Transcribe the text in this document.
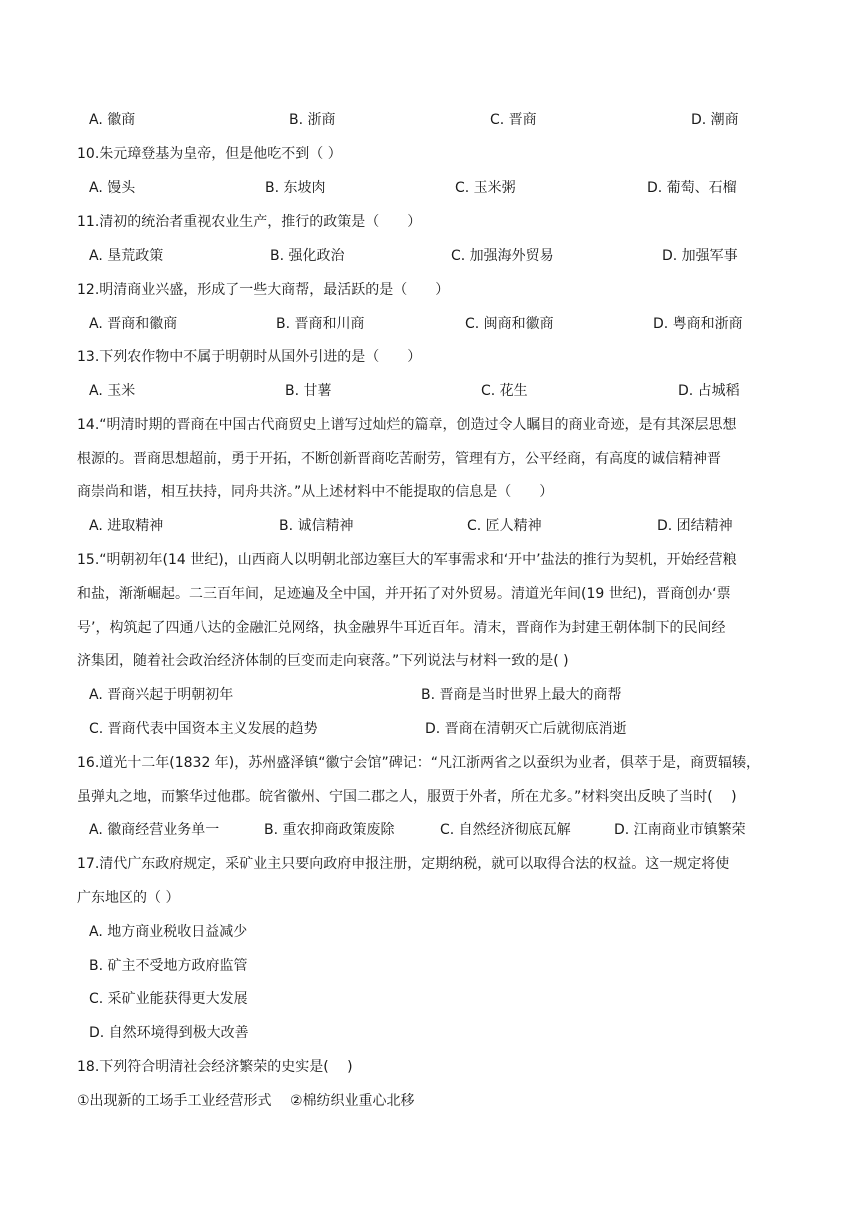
A. 徽商	B. 浙商	C. 晋商	D. 潮商
10.朱元璋登基为皇帝，但是他吃不到（ ）
A. 馒头	B. 东坡肉	C. 玉米粥	D. 葡萄、石榴
11.清初的统治者重视农业生产，推行的政策是（　　）
A. 垦荒政策	B. 强化政治	C. 加强海外贸易	D. 加强军事
12.明清商业兴盛，形成了一些大商帮，最活跃的是（　　）
A. 晋商和徽商	B. 晋商和川商	C. 闽商和徽商	D. 粤商和浙商
13.下列农作物中不属于明朝时从国外引进的是（　　）
A. 玉米	B. 甘薯	C. 花生	D. 占城稻
14.“明清时期的晋商在中国古代商贸史上谱写过灿烂的篇章，创造过令人瞩目的商业奇迹，是有其深层思想
根源的。晋商思想超前，勇于开拓，不断创新晋商吃苦耐劳，管理有方，公平经商，有高度的诚信精神晋
商崇尚和谐，相互扶持，同舟共济。”从上述材料中不能提取的信息是（　　）
A. 进取精神	B. 诚信精神	C. 匠人精神	D. 团结精神
15.“明朝初年(14 世纪)，山西商人以明朝北部边塞巨大的军事需求和‘开中’盐法的推行为契机，开始经营粮
和盐，渐渐崛起。二三百年间，足迹遍及全中国，并开拓了对外贸易。清道光年间(19 世纪)，晋商创办‘票
号’，构筑起了四通八达的金融汇兑网络，执金融界牛耳近百年。清末，晋商作为封建王朝体制下的民间经
济集团，随着社会政治经济体制的巨变而走向衰落。”下列说法与材料一致的是( )
A. 晋商兴起于明朝初年	B. 晋商是当时世界上最大的商帮
C. 晋商代表中国资本主义发展的趋势	D. 晋商在清朝灭亡后就彻底消逝
16.道光十二年(1832 年)，苏州盛泽镇“徽宁会馆”碑记：“凡江浙两省之以蚕织为业者，俱萃于是，商贾辐辏，
虽弹丸之地，而繁华过他郡。皖省徽州、宁国二郡之人，服贾于外者，所在尤多。”材料突出反映了当时(　 )
A. 徽商经营业务单一	B. 重农抑商政策废除	C. 自然经济彻底瓦解	D. 江南商业市镇繁荣
17.清代广东政府规定，采矿业主只要向政府申报注册，定期纳税，就可以取得合法的权益。这一规定将使
广东地区的（ ）
A. 地方商业税收日益减少
B. 矿主不受地方政府监管
C. 采矿业能获得更大发展
D. 自然环境得到极大改善
18.下列符合明清社会经济繁荣的史实是( 　)
①出现新的工场手工业经营形式　 ②棉纺织业重心北移
